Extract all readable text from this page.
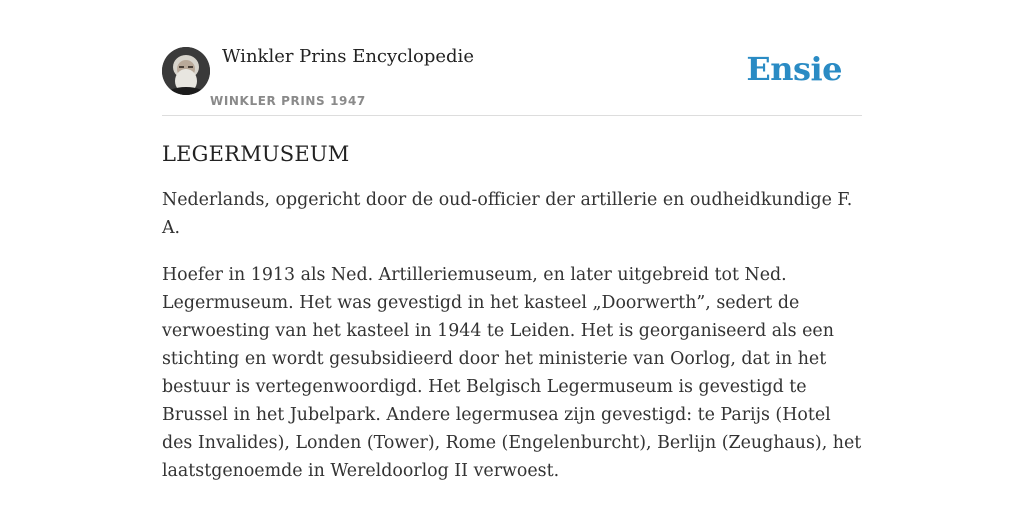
Winkler Prins Encyclopedie
WINKLER PRINS 1947
Ensie
LEGERMUSEUM

Nederlands, opgericht door de oud-officier der artillerie en oudheidkundige F. A.

Hoefer in 1913 als Ned. Artilleriemuseum, en later uitgebreid tot Ned. Legermuseum. Het was gevestigd in het kasteel „Doorwerth”, sedert de verwoesting van het kasteel in 1944 te Leiden. Het is georganiseerd als een stichting en wordt gesubsidieerd door het ministerie van Oorlog, dat in het bestuur is vertegenwoordigd. Het Belgisch Legermuseum is gevestigd te Brussel in het Jubelpark. Andere legermusea zijn gevestigd: te Parijs (Hotel des Invalides), Londen (Tower), Rome (Engelenburcht), Berlijn (Zeughaus), het laatstgenoemde in Wereldoorlog II verwoest.
